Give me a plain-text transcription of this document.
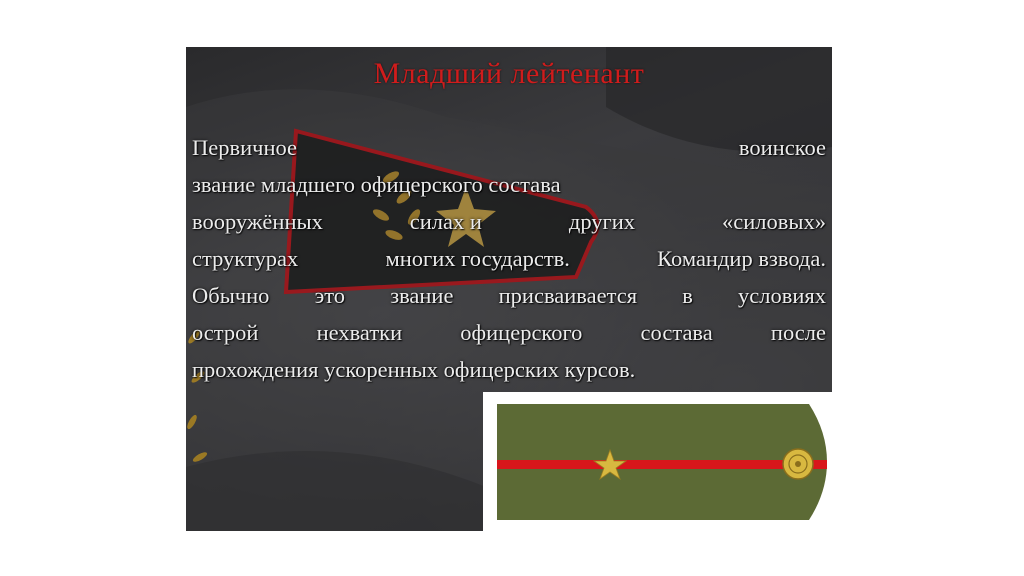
Младший лейтенант
Первичное	воинское
звание младшего офицерского состава
вооружённых	силах и	других	«силовых»
структурах	многих государств.	Командир взвода.
Обычно это звание присваивается в условиях
острой	нехватки	офицерского	состава	после
прохождения ускоренных офицерских курсов.
